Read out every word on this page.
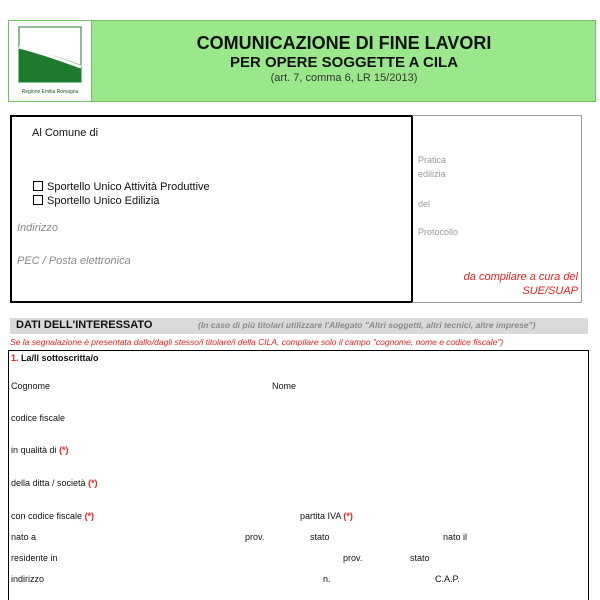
Regione Emilia Romagna
COMUNICAZIONE DI FINE LAVORI
PER OPERE SOGGETTE A CILA
(art. 7, comma 6, LR 15/2013)
Al Comune di
Sportello Unico Attività Produttive
Sportello Unico Edilizia
Indirizzo
PEC / Posta elettronica
Pratica
edilizia
del
Protocollo
da compilare a cura del
SUE/SUAP
DATI DELL'INTERESSATO	(In caso di più titolari utilizzare l'Allegato "Altri soggetti, altri tecnici, altre imprese")
Se la segnalazione è presentata dallo/dagli stesso/i titolare/i della CILA, compilare solo il campo "cognome, nome e codice fiscale")
1. La/Il sottoscritta/o
Cognome	Nome
codice fiscale
in qualità di (*)
della ditta / società (*)
con codice fiscale (*)	partita IVA (*)
nato a	prov.	stato	nato il
residente in	prov.	stato
indirizzo	n.	C.A.P.
